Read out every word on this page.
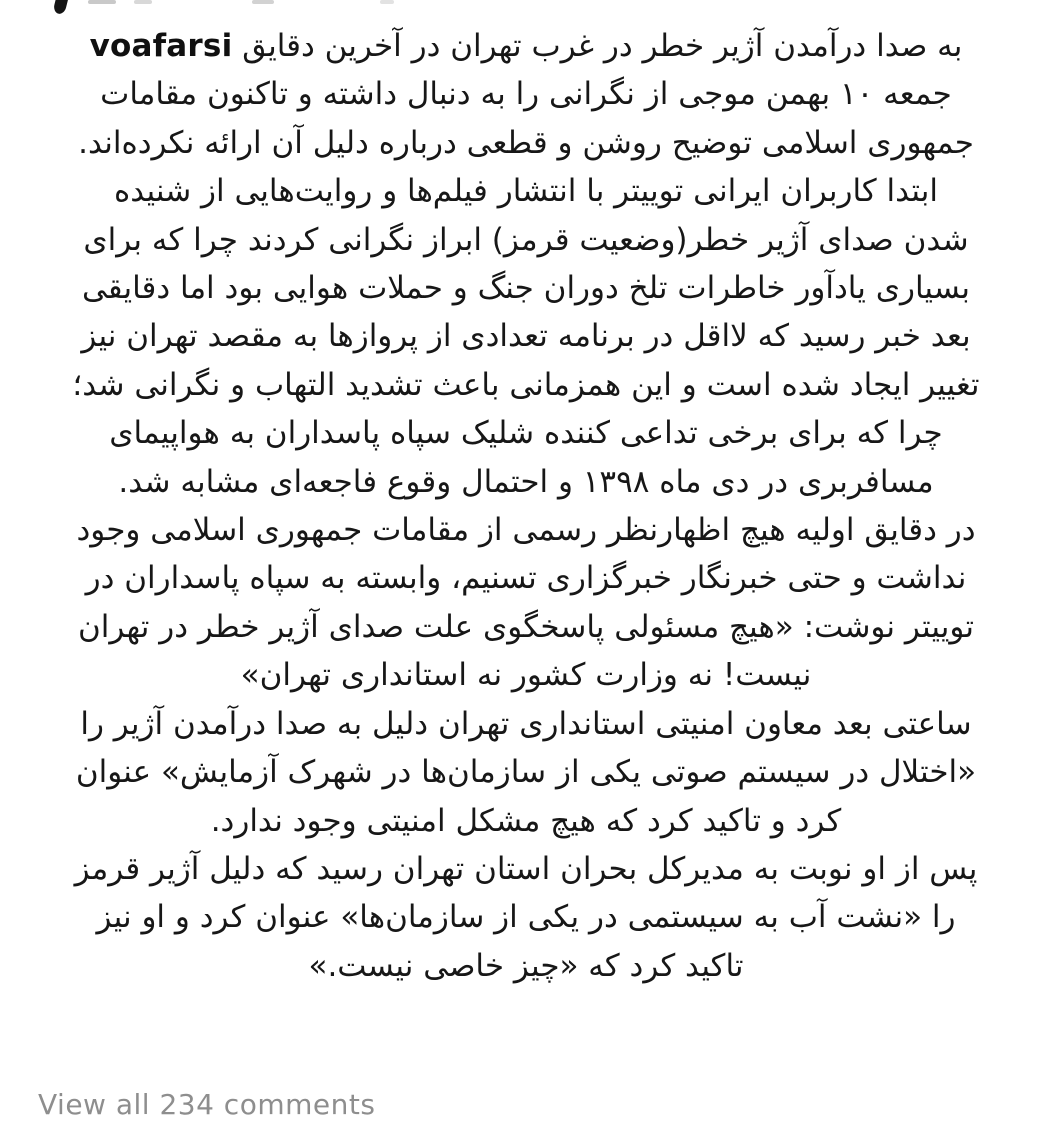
voafarsi به صدا درآمدن آژیر خطر در غرب تهران در آخرین دقایق
جمعه ۱۰ بهمن موجی از نگرانی را به دنبال داشته و تاکنون مقامات
جمهوری اسلامی توضیح روشن و قطعی درباره دلیل آن ارائه نکرده‌اند.
ابتدا کاربران ایرانی توییتر با انتشار فیلم‌ها و روایت‌هایی از شنیده
شدن صدای آژیر خطر(وضعیت قرمز) ابراز نگرانی کردند چرا که برای
بسیاری یادآور خاطرات تلخ دوران جنگ و حملات هوایی بود اما دقایقی
بعد خبر رسید که لااقل در برنامه تعدادی از پروازها به مقصد تهران نیز
تغییر ایجاد شده است و این همزمانی باعث تشدید التهاب و نگرانی شد؛
چرا که برای برخی تداعی کننده شلیک سپاه پاسداران به هواپیمای
مسافربری در دی ماه ۱۳۹۸ و احتمال وقوع فاجعه‌ای مشابه شد.
در دقایق اولیه هیچ اظهارنظر رسمی از مقامات جمهوری اسلامی وجود
نداشت و حتی خبرنگار خبرگزاری تسنیم، وابسته به سپاه پاسداران در
توییتر نوشت: «هیچ مسئولی پاسخگوی علت صدای آژیر خطر در تهران
نیست! نه وزارت کشور نه استانداری تهران»
ساعتی بعد معاون امنیتی استانداری تهران دلیل به صدا درآمدن آژیر را
«اختلال در سیستم صوتی یکی از سازمان‌ها در شهرک آزمایش» عنوان
کرد و تاکید کرد که هیچ مشکل امنیتی وجود ندارد.
پس از او نوبت به مدیرکل بحران استان تهران رسید که دلیل آژیر قرمز
را «نشت آب به سیستمی در یکی از سازمان‌ها» عنوان کرد و او نیز
تاکید کرد که «چیز خاصی نیست.»
View all 234 comments
